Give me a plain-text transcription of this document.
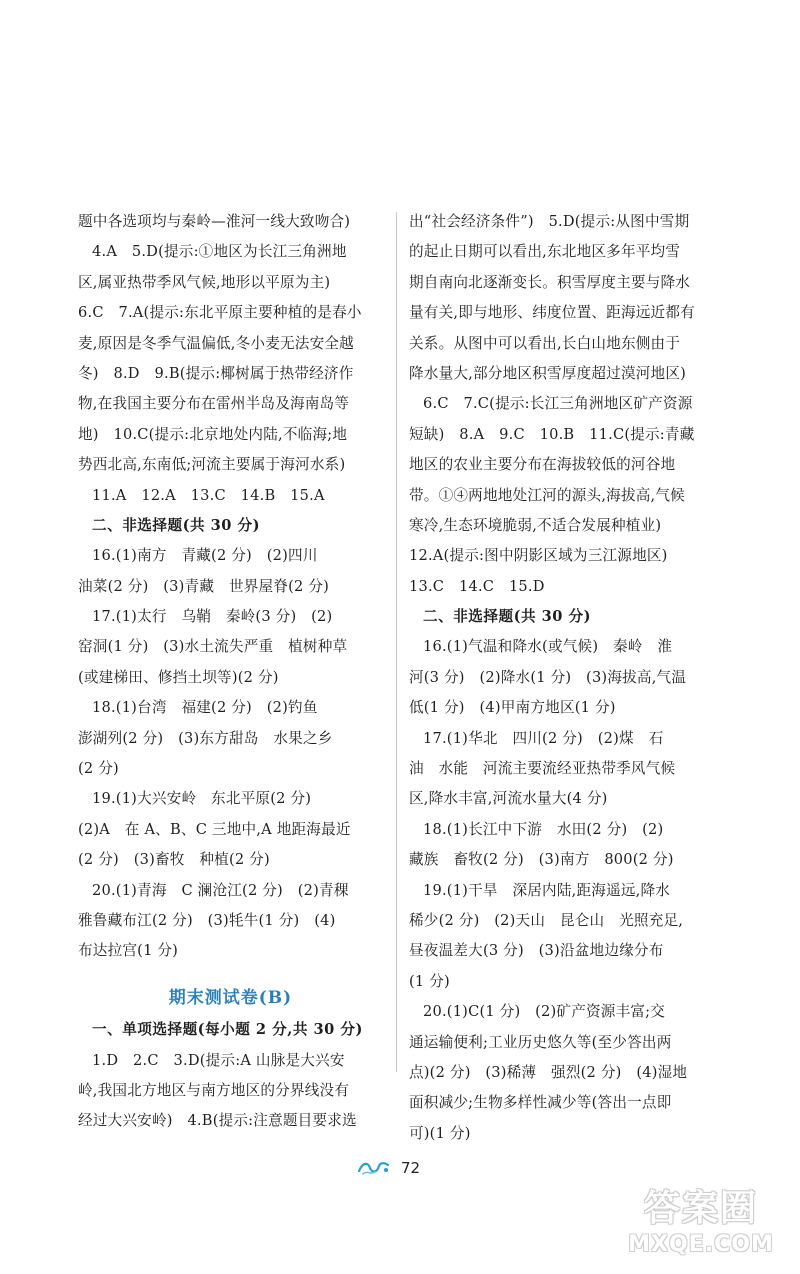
题中各选项均与秦岭—淮河一线大致吻合)
4.A　5.D(提示:①地区为长江三角洲地
区,属亚热带季风气候,地形以平原为主)
6.C　7.A(提示:东北平原主要种植的是春小
麦,原因是冬季气温偏低,冬小麦无法安全越
冬)　8.D　9.B(提示:椰树属于热带经济作
物,在我国主要分布在雷州半岛及海南岛等
地)　10.C(提示:北京地处内陆,不临海;地
势西北高,东南低;河流主要属于海河水系)
11.A　12.A　13.C　14.B　15.A
二、非选择题(共 30 分)
16.(1)南方　青藏(2 分)　(2)四川
油菜(2 分)　(3)青藏　世界屋脊(2 分)
17.(1)太行　乌鞘　秦岭(3 分)　(2)
窑洞(1 分)　(3)水土流失严重　植树种草
(或建梯田、修挡土坝等)(2 分)
18.(1)台湾　福建(2 分)　(2)钓鱼
澎湖列(2 分)　(3)东方甜岛　水果之乡
(2 分)
19.(1)大兴安岭　东北平原(2 分)
(2)A　在 A、B、C 三地中,A 地距海最近
(2 分)　(3)畜牧　种植(2 分)
20.(1)青海　C 澜沧江(2 分)　(2)青稞
雅鲁藏布江(2 分)　(3)牦牛(1 分)　(4)
布达拉宫(1 分)
期末测试卷(B)
一、单项选择题(每小题 2 分,共 30 分)
1.D　2.C　3.D(提示:A 山脉是大兴安
岭,我国北方地区与南方地区的分界线没有
经过大兴安岭)　4.B(提示:注意题目要求选
出“社会经济条件”)　5.D(提示:从图中雪期
的起止日期可以看出,东北地区多年平均雪
期自南向北逐渐变长。积雪厚度主要与降水
量有关,即与地形、纬度位置、距海远近都有
关系。从图中可以看出,长白山地东侧由于
降水量大,部分地区积雪厚度超过漠河地区)
6.C　7.C(提示:长江三角洲地区矿产资源
短缺)　8.A　9.C　10.B　11.C(提示:青藏
地区的农业主要分布在海拔较低的河谷地
带。①④两地地处江河的源头,海拔高,气候
寒冷,生态环境脆弱,不适合发展种植业)
12.A(提示:图中阴影区域为三江源地区)
13.C　14.C　15.D
二、非选择题(共 30 分)
16.(1)气温和降水(或气候)　秦岭　淮
河(3 分)　(2)降水(1 分)　(3)海拔高,气温
低(1 分)　(4)甲南方地区(1 分)
17.(1)华北　四川(2 分)　(2)煤　石
油　水能　河流主要流经亚热带季风气候
区,降水丰富,河流水量大(4 分)
18.(1)长江中下游　水田(2 分)　(2)
藏族　畜牧(2 分)　(3)南方　800(2 分)
19.(1)干旱　深居内陆,距海遥远,降水
稀少(2 分)　(2)天山　昆仑山　光照充足,
昼夜温差大(3 分)　(3)沿盆地边缘分布
(1 分)
20.(1)C(1 分)　(2)矿产资源丰富;交
通运输便利;工业历史悠久等(至少答出两
点)(2 分)　(3)稀薄　强烈(2 分)　(4)湿地
面积减少;生物多样性减少等(答出一点即
可)(1 分)
72
答案圈
MXQE.COM
